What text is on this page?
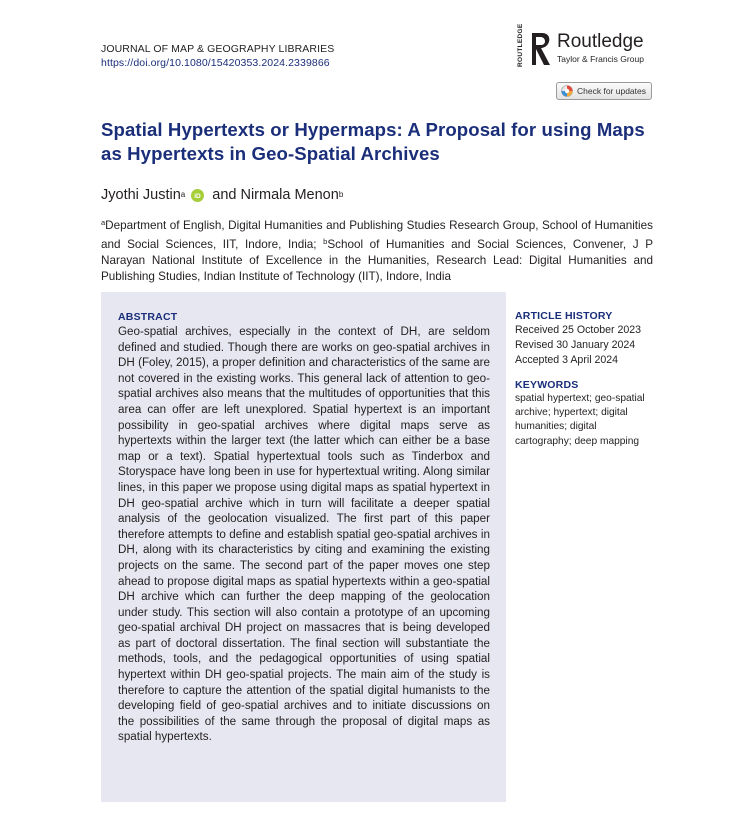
JOURNAL OF MAP & GEOGRAPHY LIBRARIES
https://doi.org/10.1080/15420353.2024.2339866	ROUTLEDGE Routledge
Taylor & Francis Group
Check for updates
Spatial Hypertexts or Hypermaps: A Proposal for using Maps as Hypertexts in Geo-Spatial Archives
Jyothi Justin a iD and
Nirmala Menon b
$^a$Department of English, Digital Humanities and Publishing Studies Research Group, School of Humanities and Social Sciences, IIT, Indore, India; $^b$School of Humanities and Social Sciences, Convener, J P Narayan National Institute of Excellence in the Humanities, Research Lead: Digital Humanities and Publishing Studies, Indian Institute of Technology (IIT), Indore, India
ABSTRACT
Geo-spatial archives, especially in the context of DH, are seldom defined and studied. Though there are works on geo-spatial archives in DH (Foley, 2015), a proper definition and characteristics of the same are not covered in the existing works. This general lack of attention to geo-spatial archives also means that the multitudes of opportunities that this area can offer are left unexplored. Spatial hypertext is an important possibility in geo-spatial archives where digital maps serve as hypertexts within the larger text (the latter which can either be a base map or a text). Spatial hypertextual tools such as Tinderbox and Storyspace have long been in use for hypertextual writing. Along similar lines, in this paper we propose using digital maps as spatial hypertext in DH geo-spatial archive which in turn will facilitate a deeper spatial analysis of the geolocation visualized. The first part of this paper therefore attempts to define and establish spatial geo-spatial archives in DH, along with its characteristics by citing and examining the existing projects on the same. The second part of the paper moves one step ahead to propose digital maps as spatial hypertexts within a geo-spatial DH archive which can further the deep mapping of the geolocation under study. This section will also contain a prototype of an upcoming geo-spatial archival DH project on massacres that is being developed as part of doctoral dissertation. The final section will substantiate the methods, tools, and the pedagogical opportunities of using spatial hypertext within DH geo-spatial projects. The main aim of the study is therefore to capture the attention of the spatial digital humanists to the developing field of geo-spatial archives and to initiate discussions on the possibilities of the same through the proposal of digital maps as spatial hypertexts.
ARTICLE HISTORY
Received 25 October 2023
Revised 30 January 2024
Accepted 3 April 2024
KEYWORDS
spatial hypertext; geo-spatial archive; hypertext; digital humanities; digital cartography; deep mapping
